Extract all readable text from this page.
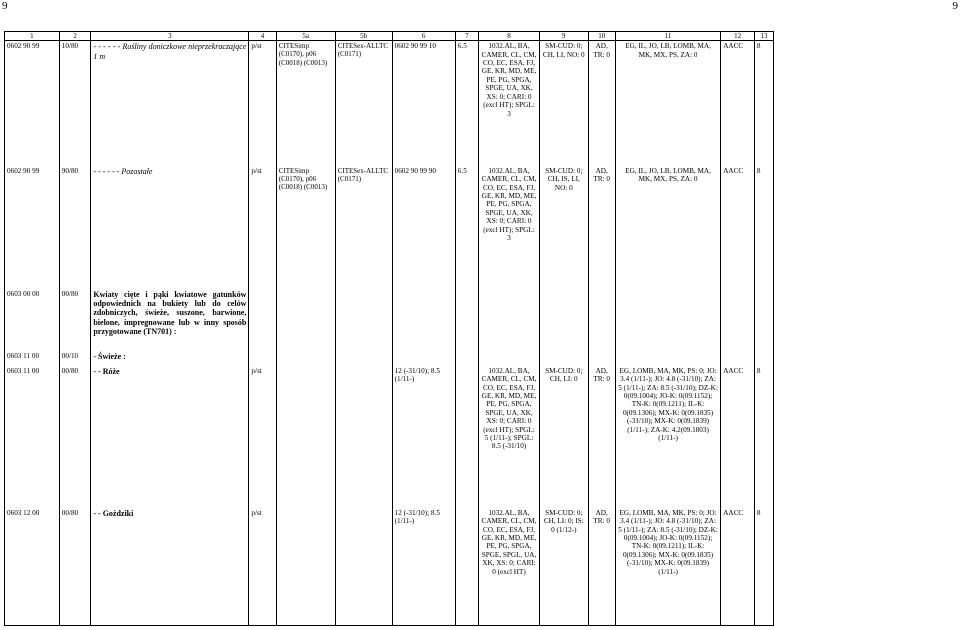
9	9
1	2	3	4	5a	5b	6	7	8	9	10	11	12	13
0602 90 99	10/80	- - - - - - Rośliny doniczkowe nieprzekraczające 1 m	p/st	CITESimp (C0170), p06 (C0018) (C0013)	CITESex-ALLTC (C0171)	0602 90 99 10	6.5	1032.AL, BA, CAMER, CL, CM, CO, EC, ESA, FJ, GE, KR, MD, ME, PE, PG, SPGA, SPGE, UA, XK, XS: 0; CARI: 0 (excl HT); SPGL: 3	SM-CUD: 0; CH, LI, NO: 0	AD, TR: 0	EG, IL, JO, LB, LOMB, MA, MK, MX, PS, ZA: 0	AACC	8
0602 90 99	90/80	- - - - - - Pozostałe	p/st	CITESimp (C0170), p06 (C0018) (C0013)	CITESex-ALLTC (C0171)	0602 90 99 90	6.5	1032.AL, BA, CAMER, CL, CM, CO, EC, ESA, FJ, GE, KR, MD, ME, PE, PG, SPGA, SPGE, UA, XK, XS: 0; CARI: 0 (excl HT); SPGL: 3	SM-CUD: 0; CH, IS, LI, NO: 0	AD, TR: 0	EG, IL, JO, LB, LOMB, MA, MK, MX, PS, ZA: 0	AACC	8
0603 00 00	00/80	Kwiaty cięte i pąki kwiatowe gatunków odpowiednich na bukiety lub do celów zdobniczych, świeże, suszone, barwione, bielone, impregnowane lub w inny sposób przygotowane (TN701) :											
0603 11 00	00/10	- Świeże :											
0603 11 00	00/80	- - Róże	p/st			12 (-31/10); 8.5 (1/11-)		1032.AL, BA, CAMER, CL, CM, CO, EC, ESA, FJ, GE, KR, MD, ME, PE, PG, SPGA, SPGE, UA, XK, XS: 0; CARI: 0 (excl HT); SPGL: 5 (1/11-); SPGL: 8.5 (-31/10)	SM-CUD: 0; CH, LI: 0	AD, TR: 0	EG, LOMB, MA, MK, PS: 0; JO: 3.4 (1/11-); JO: 4.8 (-31/10); ZA: 5 (1/11-); ZA: 8.5 (-31/10); DZ-K: 0(09.1004); JO-K: 0(09.1152); TN-K: 0(09.1211); IL-K: 0(09.1306); MX-K: 0(09.1835) (-31/10); MX-K: 0(09.1839) (1/11-); ZA-K: 4.2(09.1803) (1/11-)	AACC	8
0603 12 00	00/80	- - Goździki	p/st			12 (-31/10); 8.5 (1/11-)		1032.AL, BA, CAMER, CL, CM, CO, EC, ESA, FJ, GE, KR, MD, ME, PE, PG, SPGA, SPGE, SPGL, UA, XK, XS: 0; CARI: 0 (excl HT)	SM-CUD: 0; CH, LI: 0; IS: 0 (1/12-)	AD, TR: 0	EG, LOMB, MA, MK, PS: 0; JO: 3.4 (1/11-); JO: 4.8 (-31/10); ZA: 5 (1/11-); ZA: 8.5 (-31/10); DZ-K: 0(09.1004); JO-K: 0(09.1152); TN-K: 0(09.1211); IL-K: 0(09.1306); MX-K: 0(09.1835) (-31/10); MX-K: 0(09.1839) (1/11-)	AACC	8
